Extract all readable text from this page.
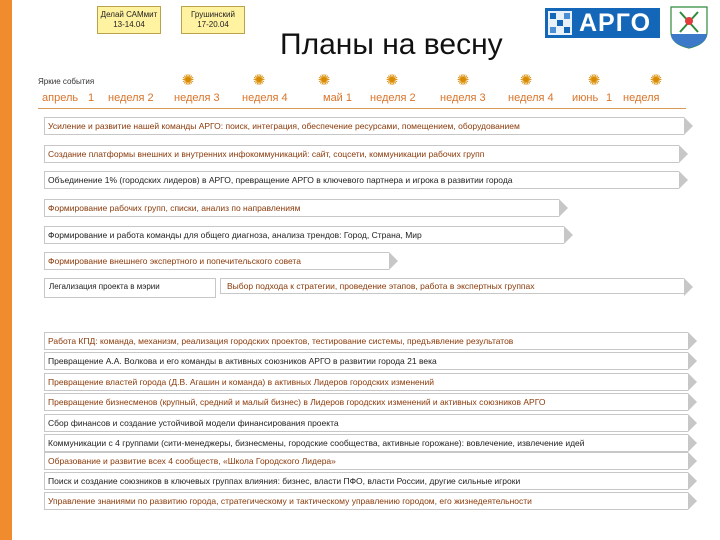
Делай САМмит
13-14.04
Грушинский
17-20.04
Планы на весну
АРГО
Яркие события	✺	✺	✺	✺	✺	✺	✺	✺
апрель 1 неделя 2 неделя 3 неделя 4	май 1 неделя 2 неделя 3 неделя 4 июнь 1 неделя
Усиление и развитие нашей команды АРГО: поиск, интеграция, обеспечение ресурсами, помещением, оборудованием
Создание платформы внешних и внутренних инфокоммуникаций: сайт, соцсети, коммуникации рабочих групп
Объединение 1% (городских лидеров) в АРГО, превращение АРГО в ключевого партнера и игрока в развитии города
Формирование рабочих групп, списки, анализ по направлениям
Формирование и работа команды для общего диагноза, анализа трендов: Город, Страна, Мир
Формирование внешнего экспертного и попечительского совета
Легализация проекта в мэрии	Выбор подхода к стратегии, проведение этапов, работа в экспертных группах
Работа КПД: команда, механизм, реализация городских проектов, тестирование системы, предъявление результатов
Превращение А.А. Волкова и его команды в активных союзников АРГО в развитии города 21 века
Превращение властей города (Д.В. Агашин и команда) в активных Лидеров городских изменений
Превращение бизнесменов (крупный, средний и малый бизнес) в Лидеров городских изменений и активных союзников АРГО
Сбор финансов и создание устойчивой модели финансирования проекта
Коммуникации с 4 группами (сити-менеджеры, бизнесмены, городские сообщества, активные горожане): вовлечение, извлечение идей
Образование и развитие всех 4 сообществ, «Школа Городского Лидера»
Поиск и создание союзников в ключевых группах влияния: бизнес, власти ПФО, власти России, другие сильные игроки
Управление знаниями по развитию города, стратегическому и тактическому управлению городом, его жизнедеятельности
